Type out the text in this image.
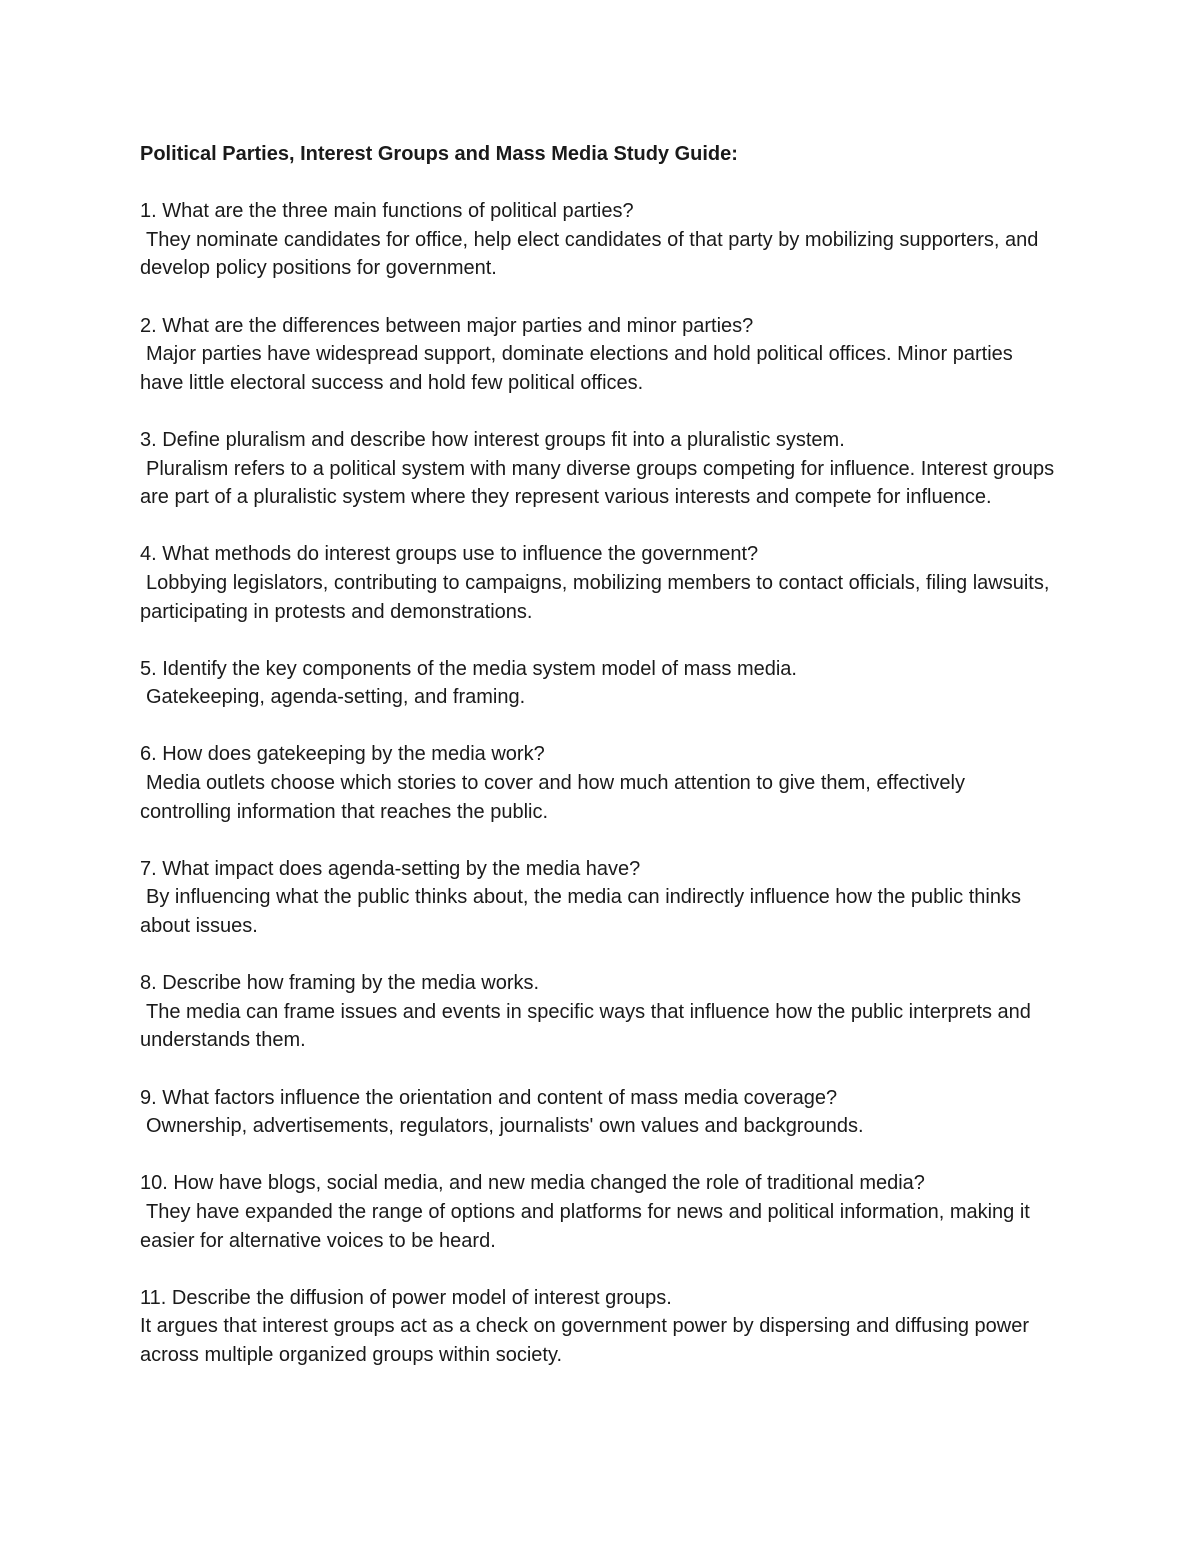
Political Parties, Interest Groups and Mass Media Study Guide:

1. What are the three main functions of political parties?

They nominate candidates for office, help elect candidates of that party by mobilizing supporters, and develop policy positions for government.

2. What are the differences between major parties and minor parties?

Major parties have widespread support, dominate elections and hold political offices. Minor parties have little electoral success and hold few political offices.

3. Define pluralism and describe how interest groups fit into a pluralistic system.

Pluralism refers to a political system with many diverse groups competing for influence. Interest groups are part of a pluralistic system where they represent various interests and compete for influence.

4. What methods do interest groups use to influence the government?

Lobbying legislators, contributing to campaigns, mobilizing members to contact officials, filing lawsuits, participating in protests and demonstrations.

5. Identify the key components of the media system model of mass media.

Gatekeeping, agenda-setting, and framing.

6. How does gatekeeping by the media work?

Media outlets choose which stories to cover and how much attention to give them, effectively controlling information that reaches the public.

7. What impact does agenda-setting by the media have?

By influencing what the public thinks about, the media can indirectly influence how the public thinks about issues.

8. Describe how framing by the media works.

The media can frame issues and events in specific ways that influence how the public interprets and understands them.

9. What factors influence the orientation and content of mass media coverage?

Ownership, advertisements, regulators, journalists' own values and backgrounds.

10. How have blogs, social media, and new media changed the role of traditional media?

They have expanded the range of options and platforms for news and political information, making it easier for alternative voices to be heard.

11. Describe the diffusion of power model of interest groups.

It argues that interest groups act as a check on government power by dispersing and diffusing power across multiple organized groups within society.
